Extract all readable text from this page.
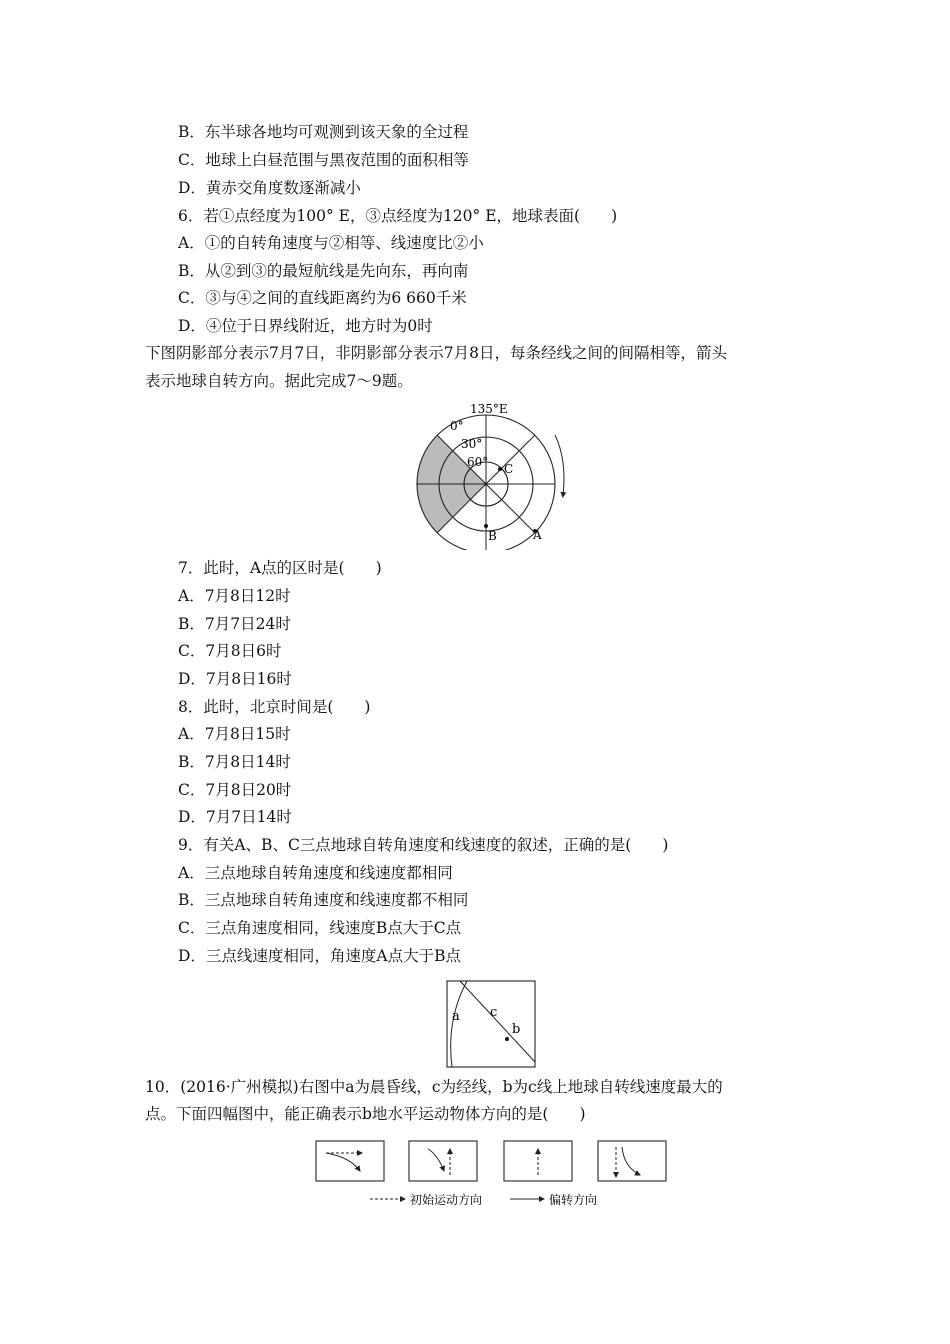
B．东半球各地均可观测到该天象的全过程
C．地球上白昼范围与黑夜范围的面积相等
D．黄赤交角度数逐渐减小
6．若①点经度为100° E，③点经度为120° E，地球表面(　　)
A．①的自转角速度与②相等、线速度比②小
B．从②到③的最短航线是先向东，再向南
C．③与④之间的直线距离约为6 660千米
D．④位于日界线附近，地方时为0时
下图阴影部分表示7月7日，非阴影部分表示7月8日，每条经线之间的间隔相等，箭头
表示地球自转方向。据此完成7～9题。
135°E
0°
30°
60° C
B	A
7．此时，A点的区时是(　　)
A．7月8日12时
B．7月7日24时
C．7月8日6时
D．7月8日16时
8．此时，北京时间是(　　)
A．7月8日15时
B．7月8日14时
C．7月8日20时
D．7月7日14时
9．有关A、B、C三点地球自转角速度和线速度的叙述，正确的是(　　)
A．三点地球自转角速度和线速度都相同
B．三点地球自转角速度和线速度都不相同
C．三点角速度相同，线速度B点大于C点
D．三点线速度相同，角速度A点大于B点
a c
b
10．(2016·广州模拟)右图中a为晨昏线，c为经线，b为c线上地球自转线速度最大的
点。下面四幅图中，能正确表示b地水平运动物体方向的是(　　)
初始运动方向	偏转方向
